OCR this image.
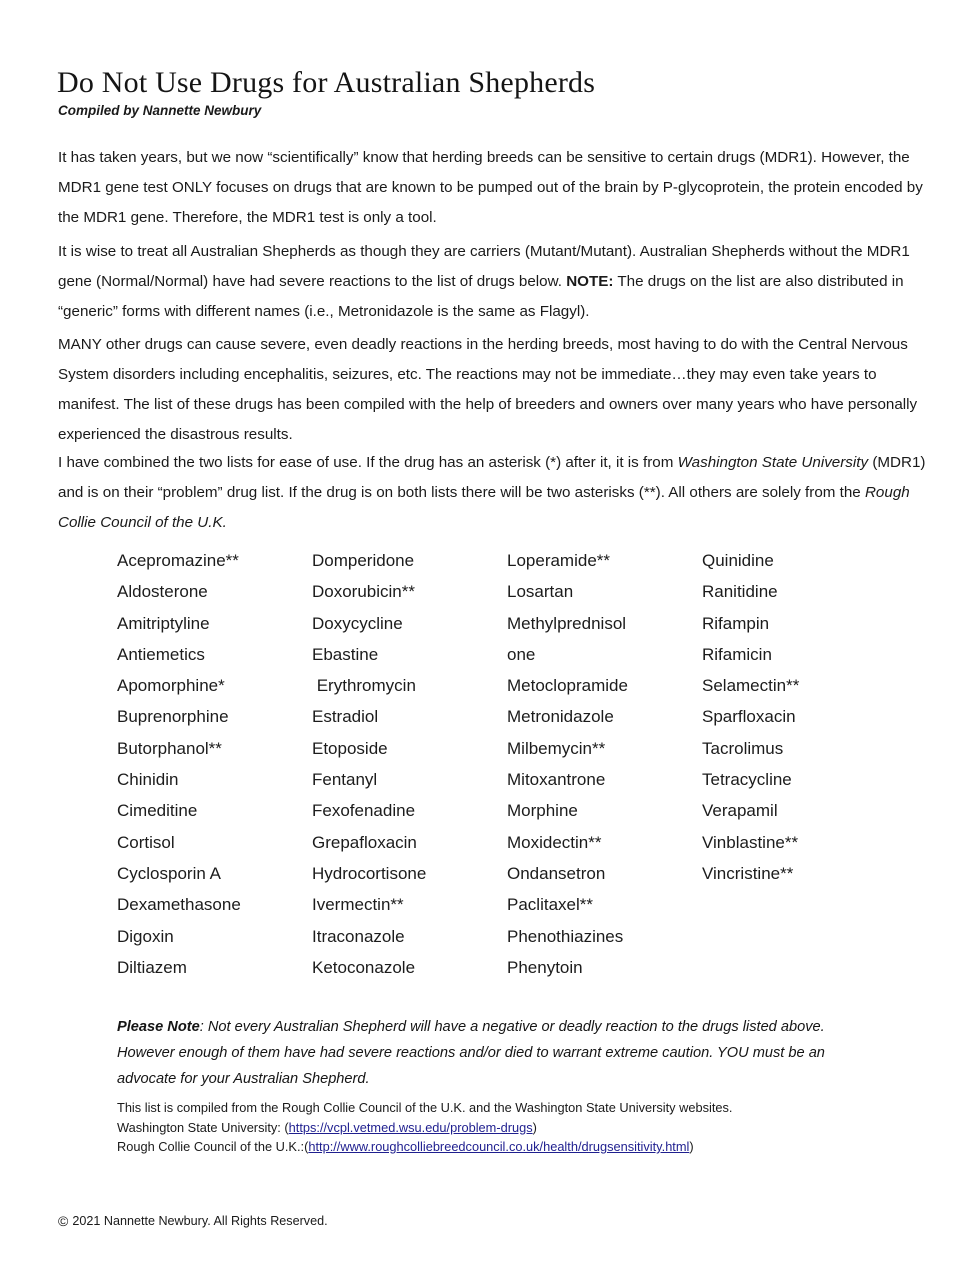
Do Not Use Drugs for Australian Shepherds
Compiled by Nannette Newbury
It has taken years, but we now “scientifically” know that herding breeds can be sensitive to certain drugs (MDR1). However, the MDR1 gene test ONLY focuses on drugs that are known to be pumped out of the brain by P-glycoprotein, the protein encoded by the MDR1 gene. Therefore, the MDR1 test is only a tool.
It is wise to treat all Australian Shepherds as though they are carriers (Mutant/Mutant). Australian Shepherds without the MDR1 gene (Normal/Normal) have had severe reactions to the list of drugs below. NOTE: The drugs on the list are also distributed in “generic” forms with different names (i.e., Metronidazole is the same as Flagyl).
MANY other drugs can cause severe, even deadly reactions in the herding breeds, most having to do with the Central Nervous System disorders including encephalitis, seizures, etc. The reactions may not be immediate…they may even take years to manifest. The list of these drugs has been compiled with the help of breeders and owners over many years who have personally experienced the disastrous results.
I have combined the two lists for ease of use. If the drug has an asterisk (*) after it, it is from Washington State University (MDR1) and is on their “problem” drug list. If the drug is on both lists there will be two asterisks (**). All others are solely from the Rough Collie Council of the U.K.
Acepromazine**
Aldosterone
Amitriptyline
Antiemetics
Apomorphine*
Buprenorphine
Butorphanol**
Chinidin
Cimeditine
Cortisol
Cyclosporin A
Dexamethasone
Digoxin
Diltiazem
Domperidone
Doxorubicin**
Doxycycline
Ebastine
Erythromycin
Estradiol
Etoposide
Fentanyl
Fexofenadine
Grepafloxacin
Hydrocortisone
Ivermectin**
Itraconazole
Ketoconazole
Loperamide**
Losartan
Methylprednisol
one
Metoclopramide
Metronidazole
Milbemycin**
Mitoxantrone
Morphine
Moxidectin**
Ondansetron
Paclitaxel**
Phenothiazines
Phenytoin
Quinidine
Ranitidine
Rifampin
Rifamicin
Selamectin**
Sparfloxacin
Tacrolimus
Tetracycline
Verapamil
Vinblastine**
Vincristine**
Please Note: Not every Australian Shepherd will have a negative or deadly reaction to the drugs listed above. However enough of them have had severe reactions and/or died to warrant extreme caution. YOU must be an advocate for your Australian Shepherd.
This list is compiled from the Rough Collie Council of the U.K. and the Washington State University websites.
Washington State University: (https://vcpl.vetmed.wsu.edu/problem-drugs)
Rough Collie Council of the U.K.:(http://www.roughcolliebreedcouncil.co.uk/health/drugsensitivity.html)
© 2021 Nannette Newbury. All Rights Reserved.
